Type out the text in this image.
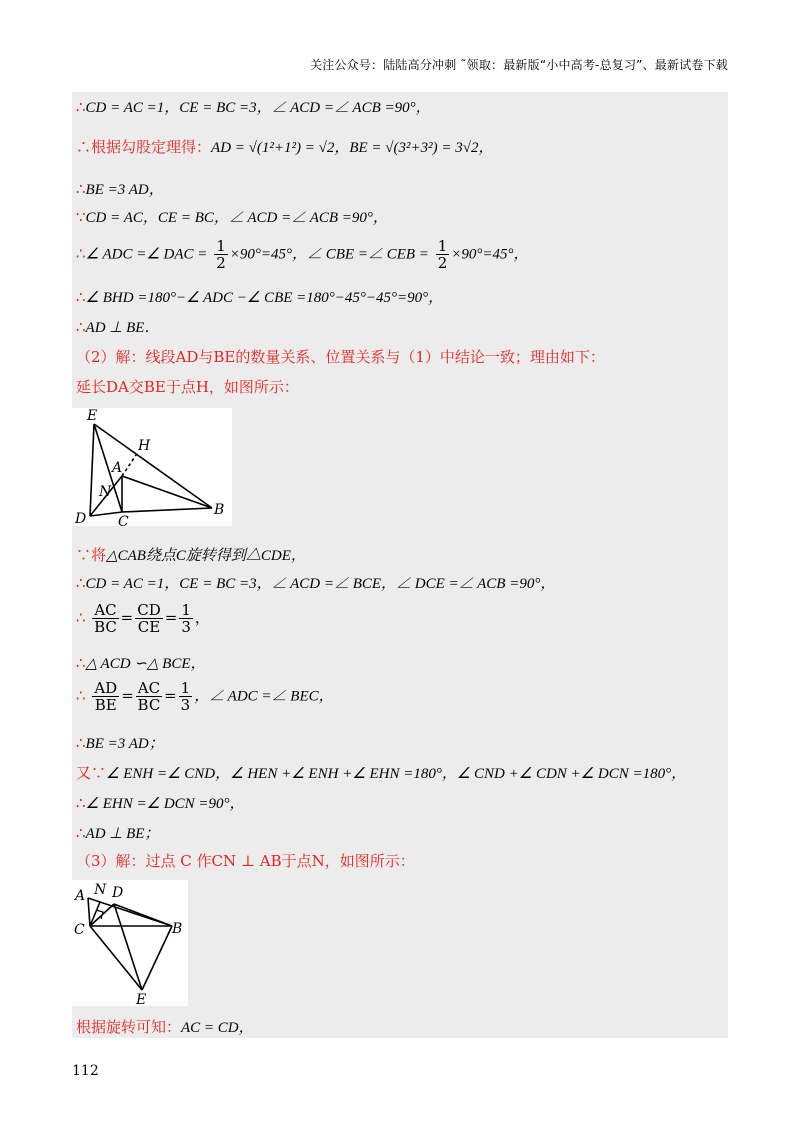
关注公众号：陆陆高分冲刺 ˜领取：最新版“小中高考-总复习”、最新试卷下载
∴CD = AC =1，CE = BC =3，∠ ACD =∠ ACB =90°，
∴根据勾股定理得：AD = √(1²+1²) = √2，BE = √(3²+3²) = 3√2，
∴BE =3 AD，
∵CD = AC，CE = BC，∠ ACD =∠ ACB =90°，
∴∠ ADC =∠ DAC = $\frac{1}{2} \times 90^\circ=45^\circ$，∠ CBE =∠ CEB = $\frac{1}{2} \times 90^\circ=45^\circ$，
∴∠ BHD =180°−∠ ADC −∠ CBE =180°−45°−45°=90°，
∴AD ⊥ BE．
（2）解：线段AD与BE的数量关系、位置关系与（1）中结论一致；理由如下：
延长DA交BE于点H，如图所示：
E
H
A
N
D C
B
∵将△CAB绕点C旋转得到△CDE，
∴CD = AC =1，CE = BC =3，∠ ACD =∠ BCE，∠ DCE =∠ ACB =90°，
∴ $\frac{AC}{BC} = \frac{CD}{CE} = \frac{1}{3}$ ，
∴△ ACD ∽△ BCE，
∴ $\frac{AD}{BE} = \frac{AC}{BC} = \frac{1}{3}$ ，∠ ADC =∠ BEC，
∴BE =3 AD；
又∵∠ ENH =∠ CND，∠ HEN +∠ ENH +∠ EHN =180°，∠ CND +∠ CDN +∠ DCN =180°，
∴∠ EHN =∠ DCN =90°，
∴AD ⊥ BE；
（3）解：过点 C 作CN ⊥ AB于点N，如图所示：
A N D
C	B
E
根据旋转可知：AC = CD，
112
